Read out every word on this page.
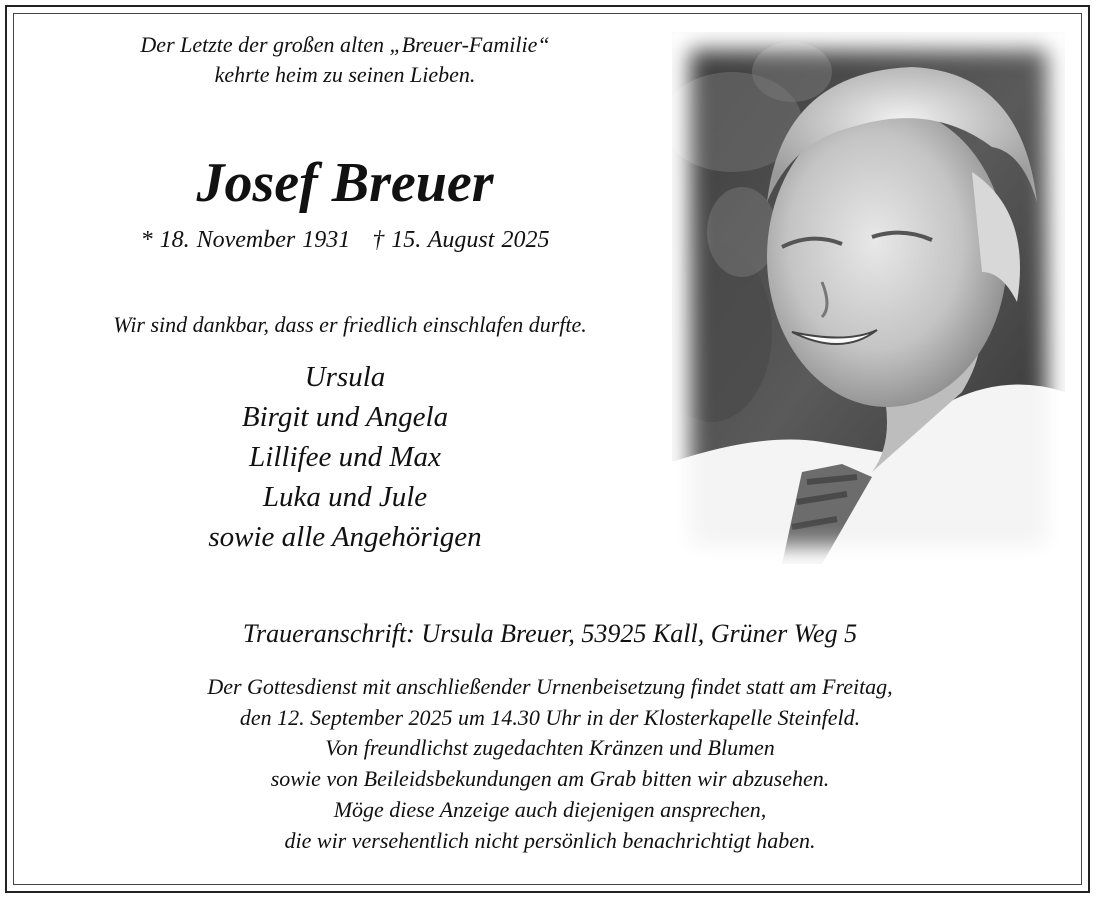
Der Letzte der großen alten „Breuer-Familie“
kehrte heim zu seinen Lieben.
Josef Breuer
* 18. November 1931 † 15. August 2025
Wir sind dankbar, dass er friedlich einschlafen durfte.
Ursula
Birgit und Angela
Lillifee und Max
Luka und Jule
sowie alle Angehörigen
Traueranschrift: Ursula Breuer, 53925 Kall, Grüner Weg 5
Der Gottesdienst mit anschließender Urnenbeisetzung findet statt am Freitag,
den 12. September 2025 um 14.30 Uhr in der Klosterkapelle Steinfeld.
Von freundlichst zugedachten Kränzen und Blumen
sowie von Beileidsbekundungen am Grab bitten wir abzusehen.
Möge diese Anzeige auch diejenigen ansprechen,
die wir versehentlich nicht persönlich benachrichtigt haben.
